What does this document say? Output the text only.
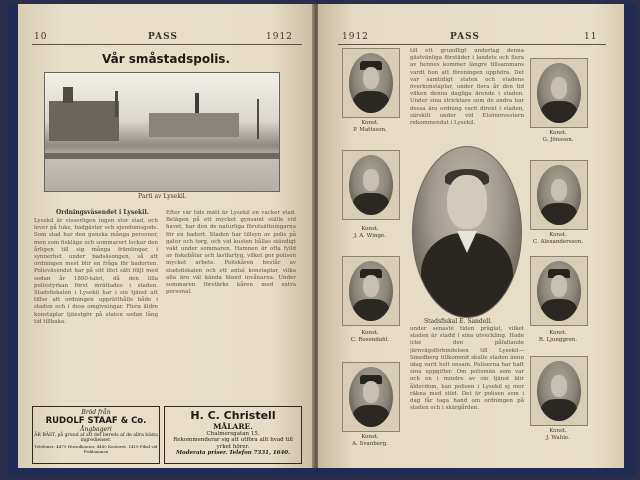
10	PASS	1912
Vår småstadspolis.
Parti av Lysekil.
Ordningsväsendet i Lysekil.
Lysekil är visserligen ingen stor stad, och lever på luke, badgäster och ejendomsgods. Som stad har den ganska många personer, men som fiskläge och sommarort lockar den årligen till sig många främlingar, i synnerhet under badsäsongen, så att ordningen mest blir en fråga för badorten. Polisväsendet har på sitt litet sätt följt med sedan år 1800-talet, då den lilla polisstyrkan först inrättades i staden. Stadsfiskalen i Lysekil har i sin tjänst att tillse att ordningen upprätthålls både i staden och i dess omgivningar. Flera äldre konstaplar tjänstgör på staten sedan lång tid tillbaka.
Efter vår tids mått är Lysekil en vacker stad. Belägen på ett mycket gynsamt ställe vid havet, har den de naturliga förutsättningarna för en badort. Staden har tillsyn av polis på gator och torg, och vid kusten hållas ständigt vakt under sommaren. Hamnen är ofta fylld av fiskebåtar och lastfartyg, vilket ger polisen mycket arbete. Poliskåren består av stadsfiskalen och ett antal konstaplar, vilka alla äro väl kända bland invånarna. Under sommaren förstärks kåren med extra personal.
Bröd från
RUDOLF STAAF & Co.
Ångbageri
ÄR BÄST, på grund af att det bereds af de allra bästa ingredienser.
Telefoner: 4479 Huvudkontor, 4480 Kontoret, 1419 Filial vid Fiskhamnen
H. C. Christell
MÅLARE.
Chalmersgatan 15.
Rekommenderar sig att utföra allt hvad till yrket hörer.
Moderata priser. Telefon 7331, 1640.
1912	PASS	11
till ett grundligt underlag denna gästvänliga förstäder i landets och flera av hennes kommer längre tillsammans vardt hon att föreningen upphöra. Det var samtidigt staten och stadens överkonstaplar, under flera år den tid vilken denna dagliga ärende i staden. Under sina stricktare som de andra har dessa äro ordning varit direkt i staden, särskilt under vid Elsöninvestern rekommendat i Lysekil.
Konst.
P. Mattsson.	Konst.
G. Jönsson.
Konst.
J. A. Winge.
Stadsfiskal E. Sandell.
Konst.
C. Alexandersson.
Konst.
C. Rosendahl.
Konst.
R. Ljunggren.
under senaste tiden präglat, vilket staden är stadd i sina utveckling. Hade icke den påfallande järnvägsförbindelsen till Lysekil—Smedberg tillkommit skulle staden ännu idag varit helt ensam. Poliserna har haft sina uppgifter. Om polismän som var och en i mindre av sin tjänst blir ålderdom, kan polisen i Lysekil ej mer räkna med stöd. Det är polisen som i dag får taga hand om ordningen på staden och i skärgården.
Konst.
A. Svanberg.
Konst.
J. Wahle.
